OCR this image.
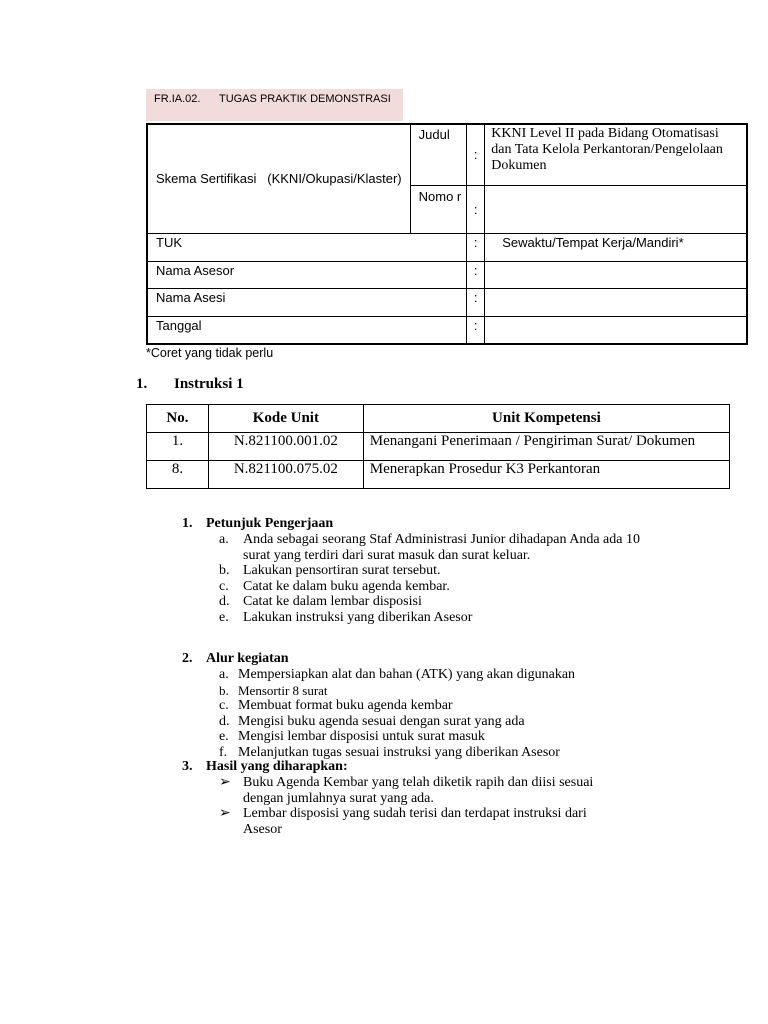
FR.IA.02. TUGAS PRAKTIK DEMONSTRASI
Skema Sertifikasi   (KKNI/Okupasi/Klaster)	Judul	:	KKNI Level II pada Bidang Otomatisasi dan Tata Kelola Perkantoran/Pengelolaan Dokumen
	Nomo r	:	
TUK		:	Sewaktu/Tempat Kerja/Mandiri*
Nama Asesor		:	
Nama Asesi		:	
Tanggal		:	
*Coret yang tidak perlu
1. Instruksi 1
No.	Kode Unit	Unit Kompetensi
1.	N.821100.001.02	Menangani Penerimaan / Pengiriman Surat/ Dokumen
8.	N.821100.075.02	Menerapkan Prosedur K3 Perkantoran
1. Petunjuk Pengerjaan
a. Anda sebagai seorang Staf Administrasi Junior dihadapan Anda ada 10 surat yang terdiri dari surat masuk dan surat keluar.
b. Lakukan pensortiran surat tersebut.
c. Catat ke dalam buku agenda kembar.
d. Catat ke dalam lembar disposisi
e. Lakukan instruksi yang diberikan Asesor
2. Alur kegiatan
a. Mempersiapkan alat dan bahan (ATK) yang akan digunakan
b. Mensortir 8 surat
c. Membuat format buku agenda kembar
d. Mengisi buku agenda sesuai dengan surat yang ada
e. Mengisi lembar disposisi untuk surat masuk
f. Melanjutkan tugas sesuai instruksi yang diberikan Asesor
3. Hasil yang diharapkan:
➢ Buku Agenda Kembar yang telah diketik rapih dan diisi sesuai dengan jumlahnya surat yang ada.
➢ Lembar disposisi yang sudah terisi dan terdapat instruksi dari Asesor
